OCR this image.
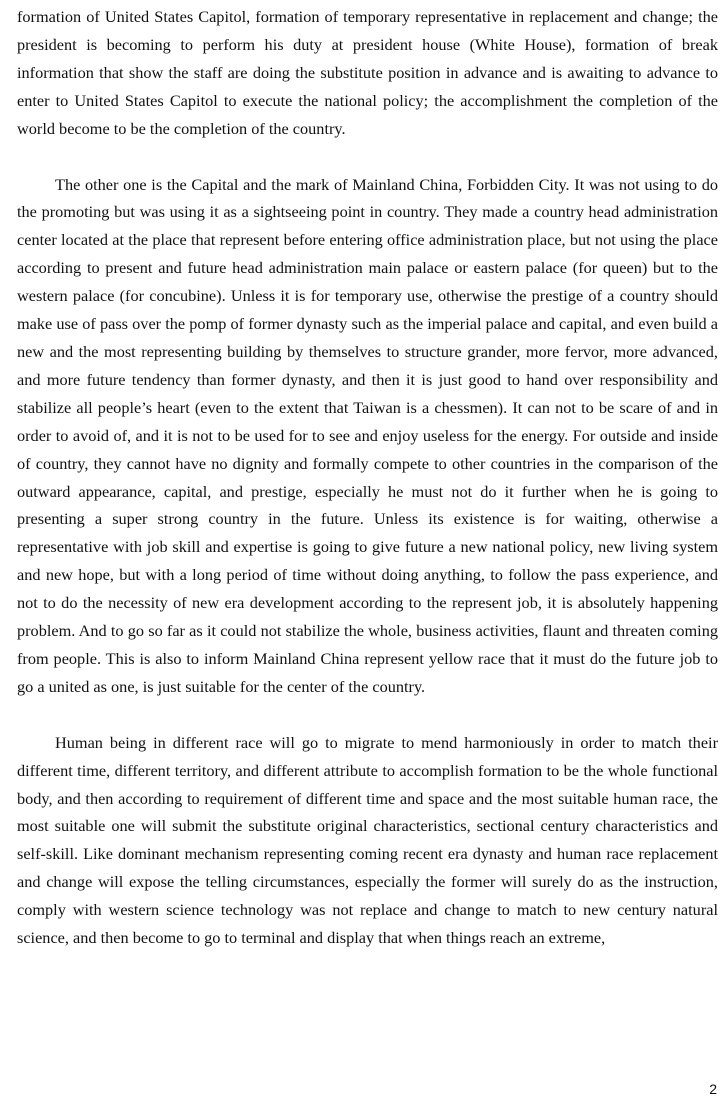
formation of United States Capitol, formation of temporary representative in replacement and change; the president is becoming to perform his duty at president house (White House), formation of break information that show the staff are doing the substitute position in advance and is awaiting to advance to enter to United States Capitol to execute the national policy; the accomplishment the completion of the world become to be the completion of the country.

The other one is the Capital and the mark of Mainland China, Forbidden City. It was not using to do the promoting but was using it as a sightseeing point in country. They made a country head administration center located at the place that represent before entering office administration place, but not using the place according to present and future head administration main palace or eastern palace (for queen) but to the western palace (for concubine). Unless it is for temporary use, otherwise the prestige of a country should make use of pass over the pomp of former dynasty such as the imperial palace and capital, and even build a new and the most representing building by themselves to structure grander, more fervor, more advanced, and more future tendency than former dynasty, and then it is just good to hand over responsibility and stabilize all people’s heart (even to the extent that Taiwan is a chessmen). It can not to be scare of and in order to avoid of, and it is not to be used for to see and enjoy useless for the energy. For outside and inside of country, they cannot have no dignity and formally compete to other countries in the comparison of the outward appearance, capital, and prestige, especially he must not do it further when he is going to presenting a super strong country in the future. Unless its existence is for waiting, otherwise a representative with job skill and expertise is going to give future a new national policy, new living system and new hope, but with a long period of time without doing anything, to follow the pass experience, and not to do the necessity of new era development according to the represent job, it is absolutely happening problem. And to go so far as it could not stabilize the whole, business activities, flaunt and threaten coming from people. This is also to inform Mainland China represent yellow race that it must do the future job to go a united as one, is just suitable for the center of the country.

Human being in different race will go to migrate to mend harmoniously in order to match their different time, different territory, and different attribute to accomplish formation to be the whole functional body, and then according to requirement of different time and space and the most suitable human race, the most suitable one will submit the substitute original characteristics, sectional century characteristics and self-skill. Like dominant mechanism representing coming recent era dynasty and human race replacement and change will expose the telling circumstances, especially the former will surely do as the instruction, comply with western science technology was not replace and change to match to new century natural science, and then become to go to terminal and display that when things reach an extreme,

2
